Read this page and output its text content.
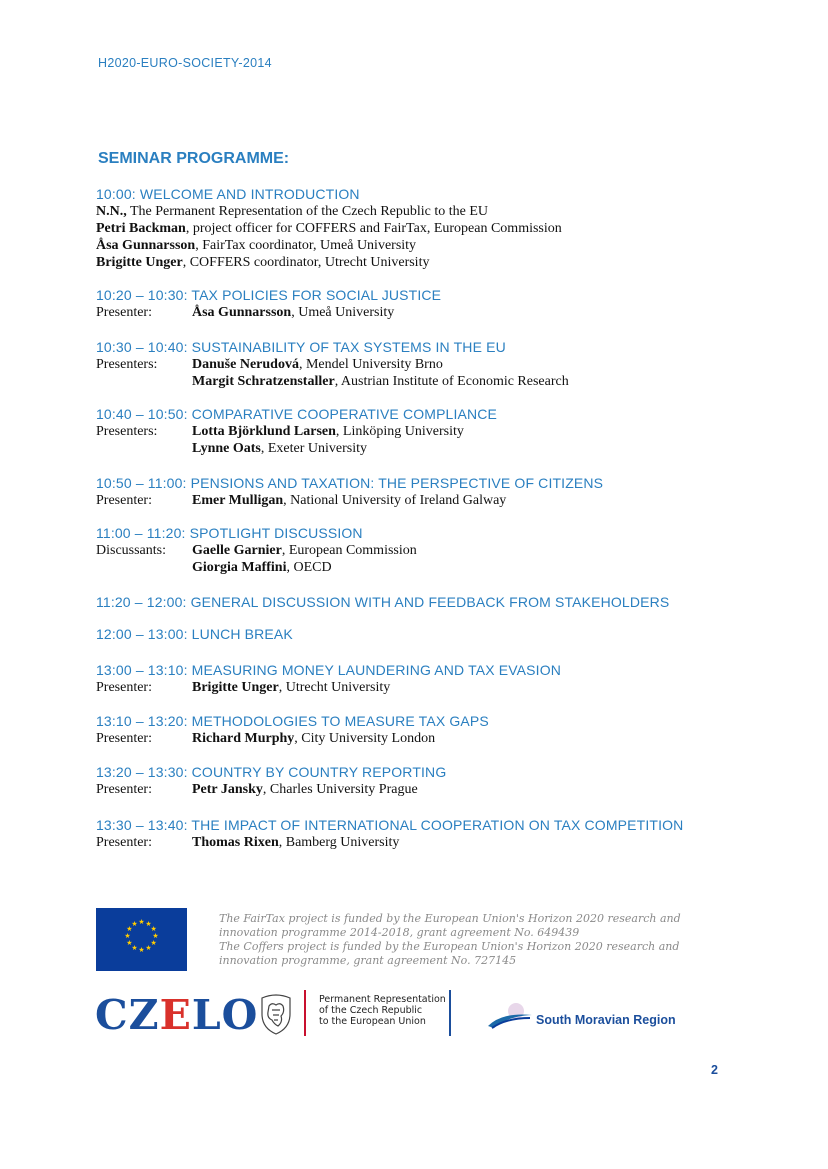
H2020-EURO-SOCIETY-2014
SEMINAR PROGRAMME:
10:00: WELCOME AND INTRODUCTION
N.N., The Permanent Representation of the Czech Republic to the EU
Petri Backman, project officer for COFFERS and FairTax, European Commission
Åsa Gunnarsson, FairTax coordinator, Umeå University
Brigitte Unger, COFFERS coordinator, Utrecht University
10:20 – 10:30: TAX POLICIES FOR SOCIAL JUSTICE
Presenter:	Åsa Gunnarsson, Umeå University
10:30 – 10:40: SUSTAINABILITY OF TAX SYSTEMS IN THE EU
Presenters:	Danuše Nerudová, Mendel University Brno
Margit Schratzenstaller, Austrian Institute of Economic Research
10:40 – 10:50: COMPARATIVE COOPERATIVE COMPLIANCE
Presenters:	Lotta Björklund Larsen, Linköping University
Lynne Oats, Exeter University
10:50 – 11:00: PENSIONS AND TAXATION: THE PERSPECTIVE OF CITIZENS
Presenter:	Emer Mulligan, National University of Ireland Galway
11:00 – 11:20: SPOTLIGHT DISCUSSION
Discussants:	Gaelle Garnier, European Commission
Giorgia Maffini, OECD
11:20 – 12:00: GENERAL DISCUSSION WITH AND FEEDBACK FROM STAKEHOLDERS
12:00 – 13:00: LUNCH BREAK
13:00 – 13:10: MEASURING MONEY LAUNDERING AND TAX EVASION
Presenter:	Brigitte Unger, Utrecht University
13:10 – 13:20: METHODOLOGIES TO MEASURE TAX GAPS
Presenter:	Richard Murphy, City University London
13:20 – 13:30: COUNTRY BY COUNTRY REPORTING
Presenter:	Petr Jansky, Charles University Prague
13:30 – 13:40: THE IMPACT OF INTERNATIONAL COOPERATION ON TAX COMPETITION
Presenter:	Thomas Rixen, Bamberg University
★ ★
★
★
★
★
★
★
★
★
★
★	The FairTax project is funded by the European Union's Horizon 2020 research and
innovation programme 2014-2018, grant agreement No. 649439
The Coffers project is funded by the European Union's Horizon 2020 research and
innovation programme, grant agreement No. 727145
CZELO	Permanent Representation
of the Czech Republic
to the European Union	South Moravian Region
2
